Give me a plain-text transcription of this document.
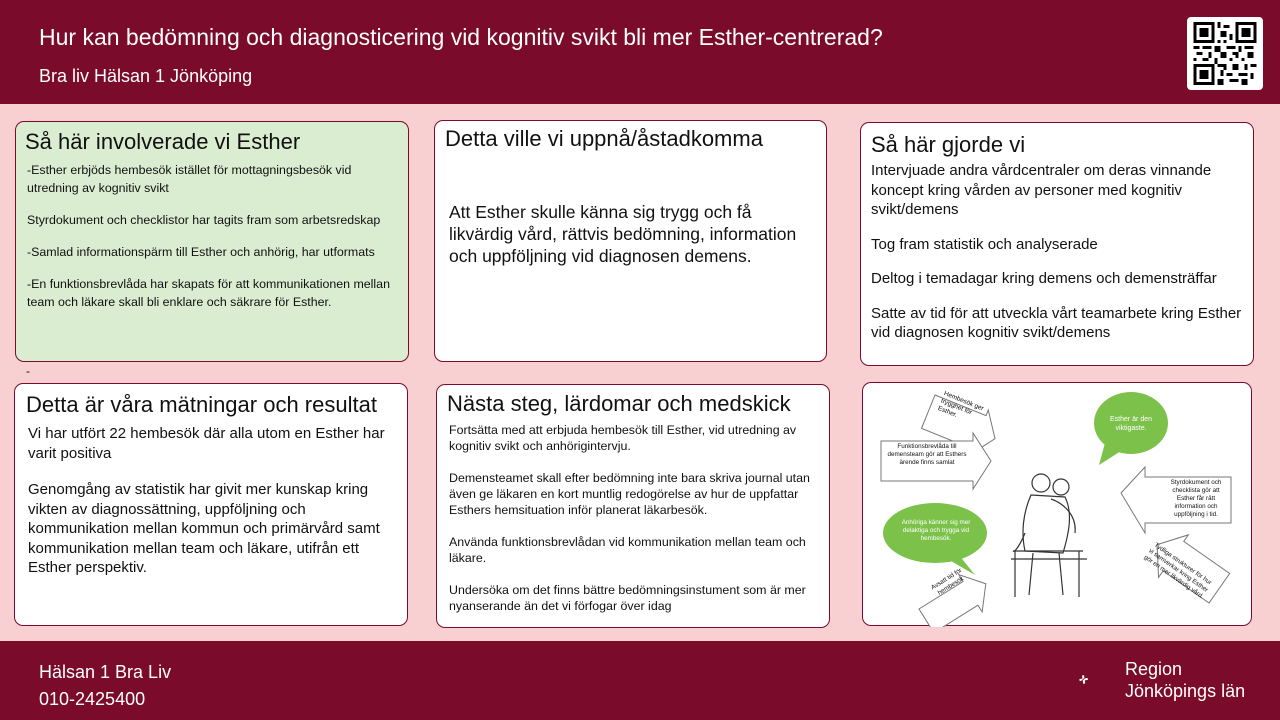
Hur kan bedömning och diagnosticering vid kognitiv svikt bli mer Esther-centrerad?
Bra liv Hälsan 1 Jönköping
Så här involverade vi Esther

-Esther erbjöds hembesök istället för mottagningsbesök vid utredning av kognitiv svikt

Styrdokument och checklistor har tagits fram som arbetsredskap

-Samlad informationspärm till Esther och anhörig, har utformats

-En funktionsbrevlåda har skapats för att kommunikationen mellan team och läkare skall bli enklare och säkrare för Esther.

-
Detta ville vi uppnå/åstadkomma
Att Esther skulle känna sig trygg och få likvärdig vård, rättvis bedömning, information och uppföljning vid diagnosen demens.
Så här gjorde vi

Intervjuade andra vårdcentraler om deras vinnande koncept kring vården av personer med kognitiv svikt/demens

Tog fram statistik och analyserade

Deltog i temadagar kring demens och demensträffar

Satte av tid för att utveckla vårt teamarbete kring Esther vid diagnosen kognitiv svikt/demens

Detta är våra mätningar och resultat

Vi har utfört 22 hembesök där alla utom en Esther har varit positiva

Genomgång av statistik har givit mer kunskap kring vikten av diagnossättning, uppföljning och kommunikation mellan kommun och primärvård samt kommunikation mellan team och läkare, utifrån ett Esther perspektiv.

Nästa steg, lärdomar och medskick

Fortsätta med att erbjuda hembesök till Esther, vid utredning av kognitiv svikt och anhörigintervju.

Demensteamet skall efter bedömning inte bara skriva journal utan även ge läkaren en kort muntlig redogörelse av hur de uppfattar Esthers hemsituation inför planerat läkarbesök.

Använda funktionsbrevlådan vid kommunikation mellan team och läkare.

Undersöka om det finns bättre bedömningsinstument som är mer nyanserande än det vi förfogar över idag

Hembesök ger trygghet för Esther.
Esther är den viktigaste.
Funktionsbrevlåda till demensteam gör att Esthers ärende finns samlat
Styrdokument och checklista gör att Esther får rätt information och uppföljning i tid.
Anhöriga känner sig mer delaktiga och trygga vid hembesök.
Avsatt tid för hembesök	Tydliga strukturer för hur vi samverkar kring Esther gör en mer likvärdig vård.
Hälsan 1 Bra Liv
010-2425400
Region
Jönköpings län
